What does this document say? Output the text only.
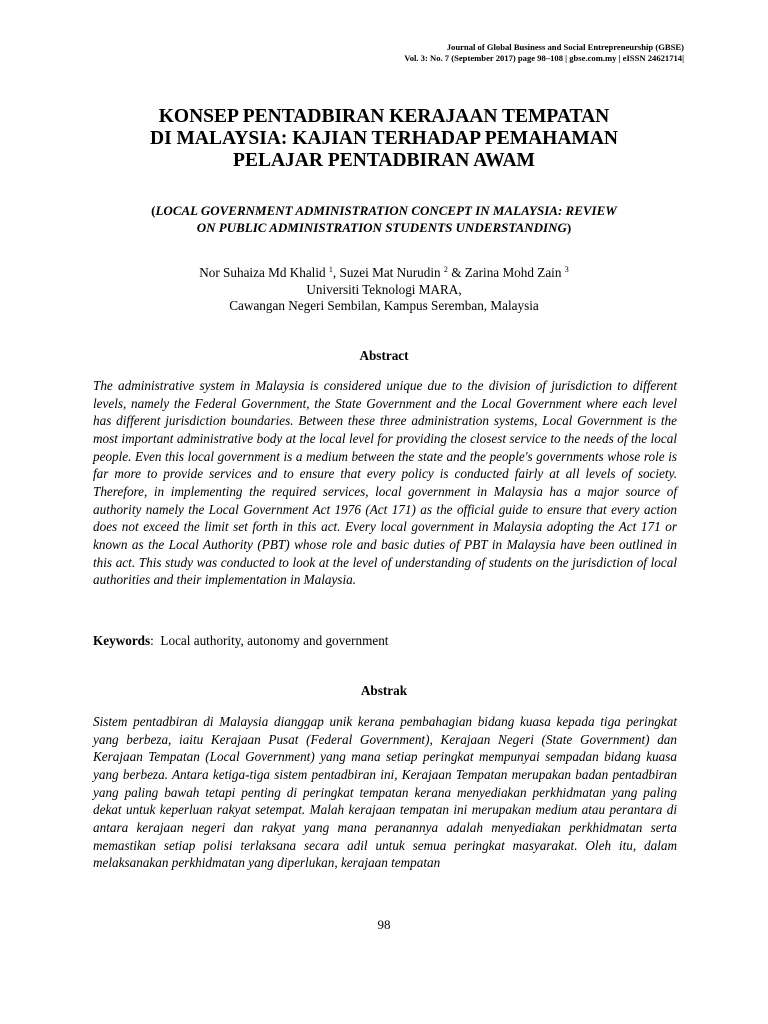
Journal of Global Business and Social Entrepreneurship (GBSE)
Vol. 3: No. 7 (September 2017) page 98–108 | gbse.com.my | eISSN 24621714|
KONSEP PENTADBIRAN KERAJAAN TEMPATAN
DI MALAYSIA: KAJIAN TERHADAP PEMAHAMAN
PELAJAR PENTADBIRAN AWAM
(LOCAL GOVERNMENT ADMINISTRATION CONCEPT IN MALAYSIA: REVIEW
ON PUBLIC ADMINISTRATION STUDENTS UNDERSTANDING)
Nor Suhaiza Md Khalid $^1$, Suzei Mat Nurudin $^2$ & Zarina Mohd Zain $^3$
Universiti Teknologi MARA,
Cawangan Negeri Sembilan, Kampus Seremban, Malaysia
Abstract

The administrative system in Malaysia is considered unique due to the division of jurisdiction to different levels, namely the Federal Government, the State Government and the Local Government where each level has different jurisdiction boundaries. Between these three administration systems, Local Government is the most important administrative body at the local level for providing the closest service to the needs of the local people. Even this local government is a medium between the state and the people's governments whose role is far more to provide services and to ensure that every policy is conducted fairly at all levels of society. Therefore, in implementing the required services, local government in Malaysia has a major source of authority namely the Local Government Act 1976 (Act 171) as the official guide to ensure that every action does not exceed the limit set forth in this act. Every local government in Malaysia adopting the Act 171 or known as the Local Authority (PBT) whose role and basic duties of PBT in Malaysia have been outlined in this act. This study was conducted to look at the level of understanding of students on the jurisdiction of local authorities and their implementation in Malaysia.

Keywords:  Local authority, autonomy and government
Abstrak

Sistem pentadbiran di Malaysia dianggap unik kerana pembahagian bidang kuasa kepada tiga peringkat yang berbeza, iaitu Kerajaan Pusat (Federal Government), Kerajaan Negeri (State Government) dan Kerajaan Tempatan (Local Government) yang mana setiap peringkat mempunyai sempadan bidang kuasa yang berbeza. Antara ketiga-tiga sistem pentadbiran ini, Kerajaan Tempatan merupakan badan pentadbiran yang paling bawah tetapi penting di peringkat tempatan kerana menyediakan perkhidmatan yang paling dekat untuk keperluan rakyat setempat. Malah kerajaan tempatan ini merupakan medium atau perantara di antara kerajaan negeri dan rakyat yang mana peranannya adalah menyediakan perkhidmatan serta memastikan setiap polisi terlaksana secara adil untuk semua peringkat masyarakat. Oleh itu, dalam melaksanakan perkhidmatan yang diperlukan, kerajaan tempatan

98
